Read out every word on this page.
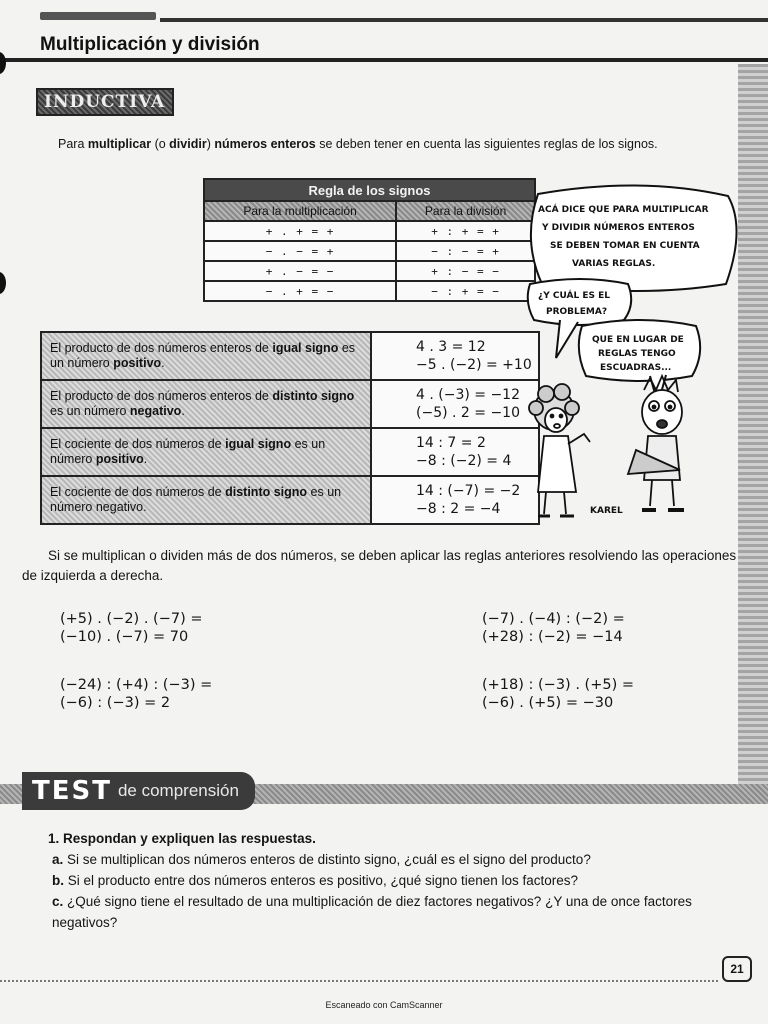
Multiplicación y división
INDUCTIVA

Para multiplicar (o dividir) números enteros se deben tener en cuenta las siguientes reglas de los signos.

Regla de los signos	
Para la multiplicación	Para la división
+ . + = +	+ : + = +
− . − = +	− : − = +
+ . − = −	+ : − = −
− . + = −	− : + = −
El producto de dos números enteros de igual signo es un número positivo.	4 . 3 = 12
−5 . (−2) = +10

El producto de dos números enteros de distinto signo es un número negativo.	4 . (−3) = −12
(−5) . 2 = −10

El cociente de dos números de igual signo es un número positivo.	14 : 7 = 2
−8 : (−2) = 4

El cociente de dos números de distinto signo es un número negativo.	14 : (−7) = −2
−8 : 2 = −4
ACÁ DICE QUE PARA MULTIPLICAR
Y DIVIDIR NÚMEROS ENTEROS
SE DEBEN TOMAR EN CUENTA
VARIAS REGLAS.
¿Y CUÁL ES EL
PROBLEMA?
QUE EN LUGAR DE
REGLAS TENGO
ESCUADRAS...
KAREL

Si se multiplican o dividen más de dos números, se deben aplicar las reglas anteriores resolviendo las operaciones de izquierda a derecha.

(+5) . (−2) . (−7) =
(−10) . (−7) = 70
(−7) . (−4) : (−2) =
(+28) : (−2) = −14
(−24) : (+4) : (−3) =
(−6) : (−3) = 2
(+18) : (−3) . (+5) =
(−6) . (+5) = −30
TEST de comprensión
1. Respondan y expliquen las respuestas.
a. Si se multiplican dos números enteros de distinto signo, ¿cuál es el signo del producto?
b. Si el producto entre dos números enteros es positivo, ¿qué signo tienen los factores?
c. ¿Qué signo tiene el resultado de una multiplicación de diez factores negativos? ¿Y una de once factores negativos?
21
Escaneado con CamScanner
